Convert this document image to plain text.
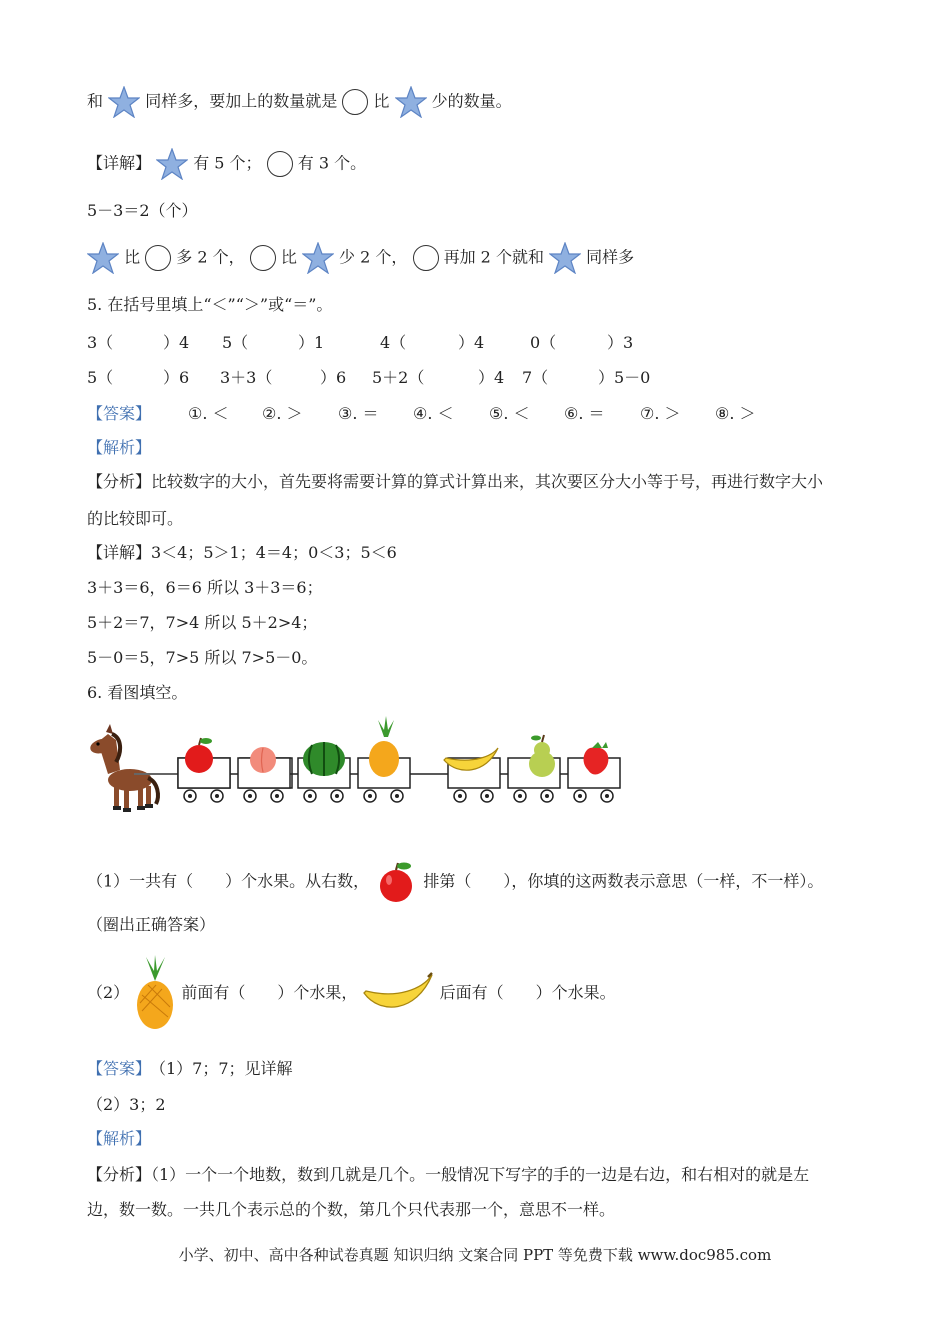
和	同样多，要加上的数量就是 比	少的数量。
【详解】	有 5 个； 有 3 个。
5－3＝2（个）
比 多 2 个， 比	少 2 个， 再加 2 个就和	同样多
5. 在括号里填上“＜”“＞”或“＝”。
3（	）4 5（	）1	4（	）4	0（	）3
5（	）6 3＋3（	）6 5＋2（	）4 7（	）5－0
【答案】 ①. ＜ ②. ＞ ③. ＝ ④. ＜ ⑤. ＜ ⑥. ＝ ⑦. ＞ ⑧. ＞
【解析】
【分析】比较数字的大小，首先要将需要计算的算式计算出来，其次要区分大小等于号，再进行数字大小
的比较即可。
【详解】3＜4；5＞1；4＝4；0＜3；5＜6
3＋3＝6，6＝6 所以 3＋3＝6；
5＋2＝7，7>4 所以 5＋2>4；
5－0＝5，7>5 所以 7>5－0。
6. 看图填空。
（1）一共有（　　）个水果。从右数，	排第（　　），你填的这两数表示意思（一样，不一样）。
（圈出正确答案）
（2）	前面有（　　）个水果，	后面有（　　）个水果。
【答案】
（1）7；7；见详解
（2）3；2
【解析】
【分析】（1）一个一个地数，数到几就是几个。一般情况下写字的手的一边是右边，和右相对的就是左
边，数一数。一共几个表示总的个数，第几个只代表那一个，意思不一样。
小学、初中、高中各种试卷真题 知识归纳 文案合同 PPT 等免费下载 www.doc985.com
